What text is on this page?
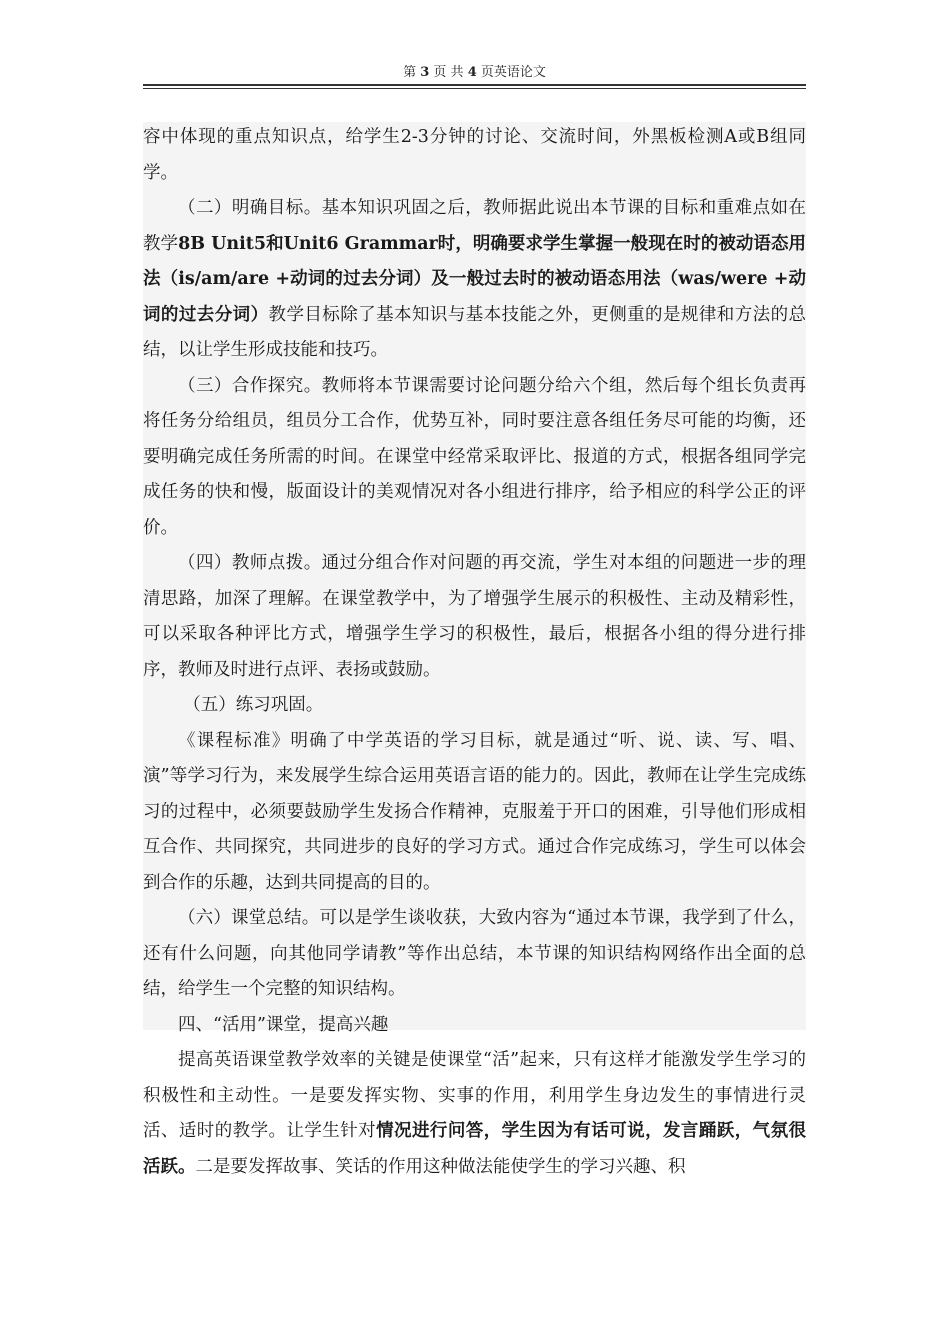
第 3 页 共 4 页英语论文

容中体现的重点知识点，给学生2-3分钟的讨论、交流时间，外黑板检测A或B组同学。

（二）明确目标。基本知识巩固之后，教师据此说出本节课的目标和重难点如在教学8B Unit5和Unit6 Grammar时，明确要求学生掌握一般现在时的被动语态用法（is/am/are +动词的过去分词）及一般过去时的被动语态用法（was/were +动词的过去分词）教学目标除了基本知识与基本技能之外，更侧重的是规律和方法的总结，以让学生形成技能和技巧。

（三）合作探究。教师将本节课需要讨论问题分给六个组，然后每个组长负责再将任务分给组员，组员分工合作，优势互补，同时要注意各组任务尽可能的均衡，还要明确完成任务所需的时间。在课堂中经常采取评比、报道的方式，根据各组同学完成任务的快和慢，版面设计的美观情况对各小组进行排序，给予相应的科学公正的评价。

（四）教师点拨。通过分组合作对问题的再交流，学生对本组的问题进一步的理清思路，加深了理解。在课堂教学中，为了增强学生展示的积极性、主动及精彩性，可以采取各种评比方式，增强学生学习的积极性，最后，根据各小组的得分进行排序，教师及时进行点评、表扬或鼓励。

（五）练习巩固。

《课程标准》明确了中学英语的学习目标，就是通过“听、说、读、写、唱、演”等学习行为，来发展学生综合运用英语言语的能力的。因此，教师在让学生完成练习的过程中，必须要鼓励学生发扬合作精神，克服羞于开口的困难，引导他们形成相互合作、共同探究，共同进步的良好的学习方式。通过合作完成练习，学生可以体会到合作的乐趣，达到共同提高的目的。

（六）课堂总结。可以是学生谈收获，大致内容为“通过本节课，我学到了什么，还有什么问题，向其他同学请教”等作出总结，本节课的知识结构网络作出全面的总结，给学生一个完整的知识结构。

四、“活用”课堂，提高兴趣

提高英语课堂教学效率的关键是使课堂“活”起来，只有这样才能激发学生学习的积极性和主动性。一是要发挥实物、实事的作用，利用学生身边发生的事情进行灵活、适时的教学。让学生针对情况进行问答，学生因为有话可说，发言踊跃，气氛很活跃。二是要发挥故事、笑话的作用这种做法能使学生的学习兴趣、积
